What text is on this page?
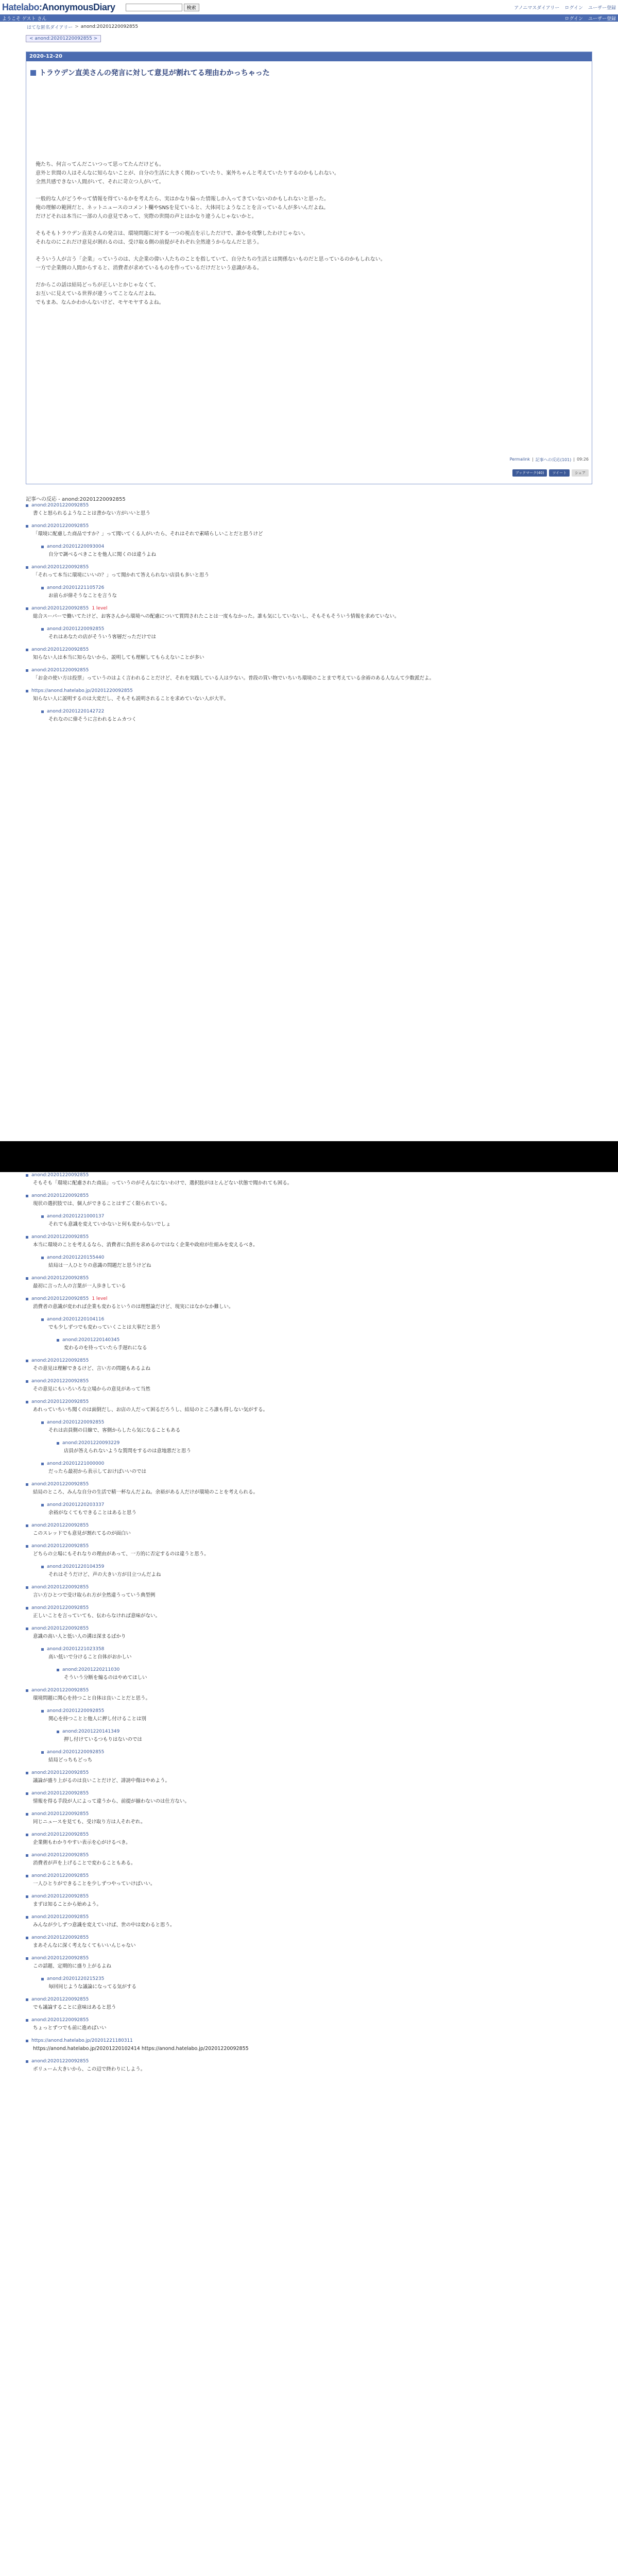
Hatelabo:AnonymousDiary	検索	アノニマスダイアリー ログイン ユーザー登録
ようこそ ゲスト さん	ログイン ユーザー登録
はてな匿名ダイアリー > anond:20201220092855
< anond:20201220092855 >
2020-12-20
トラウデン直美さんの発言に対して意見が割れてる理由わかっちゃった

俺たち、何言ってんだこいつって思ってたんだけども。

意外と世間の人はそんなに知らないことが、自分の生活に大きく関わっていたり、案外ちゃんと考えていたりするのかもしれない。

全然共感できない人間がいて、それに苛立つ人がいて。

一般的な人がどうやって情報を得ているかを考えたら、実はかなり偏った情報しか入ってきていないのかもしれないと思った。

俺の理解の範囲だと、ネットニュースのコメント欄やSNSを見ていると、大体同じようなことを言っている人が多いんだよね。

だけどそれは本当に一部の人の意見であって、実際の世間の声とはかなり違うんじゃないかと。

そもそもトラウデン直美さんの発言は、環境問題に対する一つの視点を示しただけで、誰かを攻撃したわけじゃない。

それなのにこれだけ意見が割れるのは、受け取る側の前提がそれぞれ全然違うからなんだと思う。

そういう人が言う「企業」っていうのは、大企業の偉い人たちのことを指していて、自分たちの生活とは関係ないものだと思っているのかもしれない。

一方で企業側の人間からすると、消費者が求めているものを作っているだけだという意識がある。

だからこの話は結局どっちが正しいとかじゃなくて、

お互いに見えている世界が違うってことなんだよね。

でもまあ、なんかわかんないけど、モヤモヤするよね。

Permalink | 記事への反応(101) | 09:26
ブックマーク(40)	ツイート	シェア
記事への反応 - anond:20201220092855
anond:20201220092855
書くと怒られるようなことは書かない方がいいと思う
anond:20201220092855
「環境に配慮した商品ですか？」って聞いてくる人がいたら、それはそれで素晴らしいことだと思うけど
anond:20201220093004
自分で調べるべきことを他人に聞くのは違うよね
anond:20201220092855
「それって本当に環境にいいの？」って聞かれて答えられない店員も多いと思う
anond:20201221105726
お前らが偉そうなことを言うな
anond:20201220092855 1 level
総合スーパーで働いてたけど、お客さんから環境への配慮について質問されたことは一度もなかった。誰も気にしていないし、そもそもそういう情報を求めていない。
anond:20201220092855
それはあなたの店がそういう客層だっただけでは
anond:20201220092855
知らない人は本当に知らないから、説明しても理解してもらえないことが多い
anond:20201220092855
「お金の使い方は投票」っていうのはよく言われることだけど、それを実践している人は少ない。普段の買い物でいちいち環境のことまで考えている余裕のある人なんて少数派だよ。
https://anond.hatelabo.jp/20201220092855
知らない人に説明するのは大変だし、そもそも説明されることを求めていない人が大半。
anond:20201220142722
それなのに偉そうに言われるとムカつく
anond:20201220092855
そもそも「環境に配慮された商品」っていうのがそんなにないわけで、選択肢がほとんどない状態で聞かれても困る。
anond:20201220092855
現状の選択肢では、個人ができることはすごく限られている。
anond:20201221000137
それでも意識を変えていかないと何も変わらないでしょ
anond:20201220092855
本当に環境のことを考えるなら、消費者に負担を求めるのではなく企業や政府が仕組みを変えるべき。
anond:20201220155440
結局は一人ひとりの意識の問題だと思うけどね
anond:20201220092855
最初に言った人の言葉が一人歩きしている
anond:20201220092855 1 level
消費者の意識が変われば企業も変わるというのは理想論だけど、現実にはなかなか難しい。
anond:20201220104116
でも少しずつでも変わっていくことは大事だと思う
anond:20201220140345
変わるのを待っていたら手遅れになる
anond:20201220092855
その意見は理解できるけど、言い方の問題もあるよね
anond:20201220092855
その意見にもいろいろな立場からの意見があって当然
anond:20201220092855
あれっていちいち聞くのは面倒だし、お店の人だって困るだろうし、結局のところ誰も得しない気がする。
anond:20201220092855
それは店員側の目線で、客側からしたら気になることもある
anond:20201220093229
店員が答えられないような質問をするのは意地悪だと思う
anond:20201221000000
だったら最初から表示しておけばいいのでは
anond:20201220092855
結局のところ、みんな自分の生活で精一杯なんだよね。余裕がある人だけが環境のことを考えられる。
anond:20201220203337
余裕がなくてもできることはあると思う
anond:20201220092855
このスレッドでも意見が割れてるのが面白い
anond:20201220092855
どちらの立場にもそれなりの理由があって、一方的に否定するのは違うと思う。
anond:20201220104359
それはそうだけど、声の大きい方が目立つんだよね
anond:20201220092855
言い方ひとつで受け取られ方が全然違うっていう典型例
anond:20201220092855
正しいことを言っていても、伝わらなければ意味がない。
anond:20201220092855
意識の高い人と低い人の溝は深まるばかり
anond:20201221023358
高い低いで分けること自体がおかしい
anond:20201220211030
そういう分断を煽るのはやめてほしい
anond:20201220092855
環境問題に関心を持つこと自体は良いことだと思う。
anond:20201220092855
関心を持つことと他人に押し付けることは別
anond:20201220141349
押し付けているつもりはないのでは
anond:20201220092855
結局どっちもどっち
anond:20201220092855
議論が盛り上がるのは良いことだけど、誹謗中傷はやめよう。
anond:20201220092855
情報を得る手段が人によって違うから、前提が揃わないのは仕方ない。
anond:20201220092855
同じニュースを見ても、受け取り方は人それぞれ。
anond:20201220092855
企業側もわかりやすい表示を心がけるべき。
anond:20201220092855
消費者が声を上げることで変わることもある。
anond:20201220092855
一人ひとりができることを少しずつやっていけばいい。
anond:20201220092855
まずは知ることから始めよう。
anond:20201220092855
みんなが少しずつ意識を変えていけば、世の中は変わると思う。
anond:20201220092855
まあそんなに深く考えなくてもいいんじゃない
anond:20201220092855
この話題、定期的に盛り上がるよね
anond:20201220215235
毎回同じような議論になってる気がする
anond:20201220092855
でも議論することに意味はあると思う
anond:20201220092855
ちょっとずつでも前に進めばいい
https://anond.hatelabo.jp/20201221180311
https://anond.hatelabo.jp/20201220102414 https://anond.hatelabo.jp/20201220092855
anond:20201220092855
ボリューム大きいから、この辺で終わりにしよう。
